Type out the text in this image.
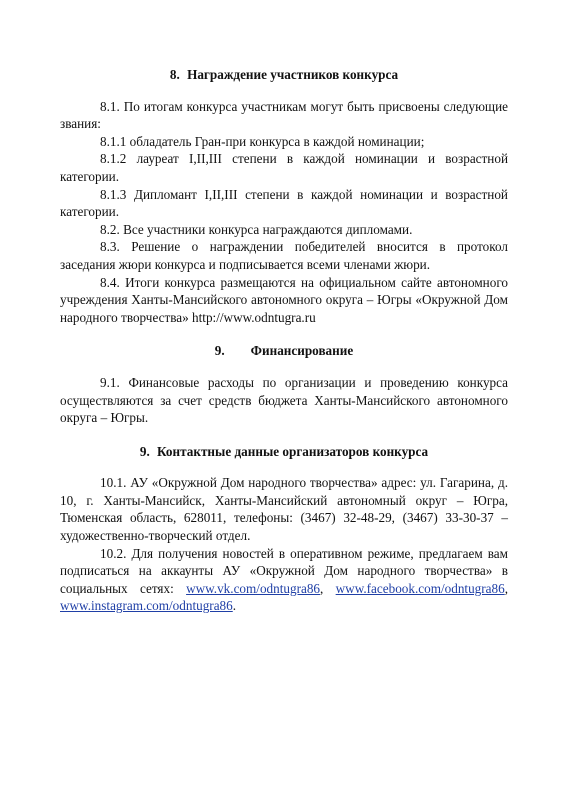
8. Награждение участников конкурса

8.1. По итогам конкурса участникам могут быть присвоены следующие звания:

8.1.1 обладатель Гран-при конкурса в каждой номинации;

8.1.2 лауреат I,II,III степени в каждой номинации и возрастной категории.

8.1.3 Дипломант I,II,III степени в каждой номинации и возрастной категории.

8.2. Все участники конкурса награждаются дипломами.

8.3. Решение о награждении победителей вносится в протокол заседания жюри конкурса и подписывается всеми членами жюри.

8.4. Итоги конкурса размещаются на официальном сайте автономного учреждения Ханты-Мансийского автономного округа – Югры «Окружной Дом народного творчества» http://www.odntugra.ru

9. Финансирование

9.1. Финансовые расходы по организации и проведению конкурса осуществляются за счет средств бюджета Ханты-Мансийского автономного округа – Югры.

9. Контактные данные организаторов конкурса

10.1. АУ «Окружной Дом народного творчества» адрес: ул. Гагарина, д. 10, г. Ханты-Мансийск, Ханты-Мансийский автономный округ – Югра, Тюменская область, 628011, телефоны: (3467) 32-48-29, (3467) 33-30-37 – художественно-творческий отдел.

10.2. Для получения новостей в оперативном режиме, предлагаем вам подписаться на аккаунты АУ «Окружной Дом народного творчества» в социальных сетях: www.vk.com/odntugra86, www.facebook.com/odntugra86, www.instagram.com/odntugra86.
